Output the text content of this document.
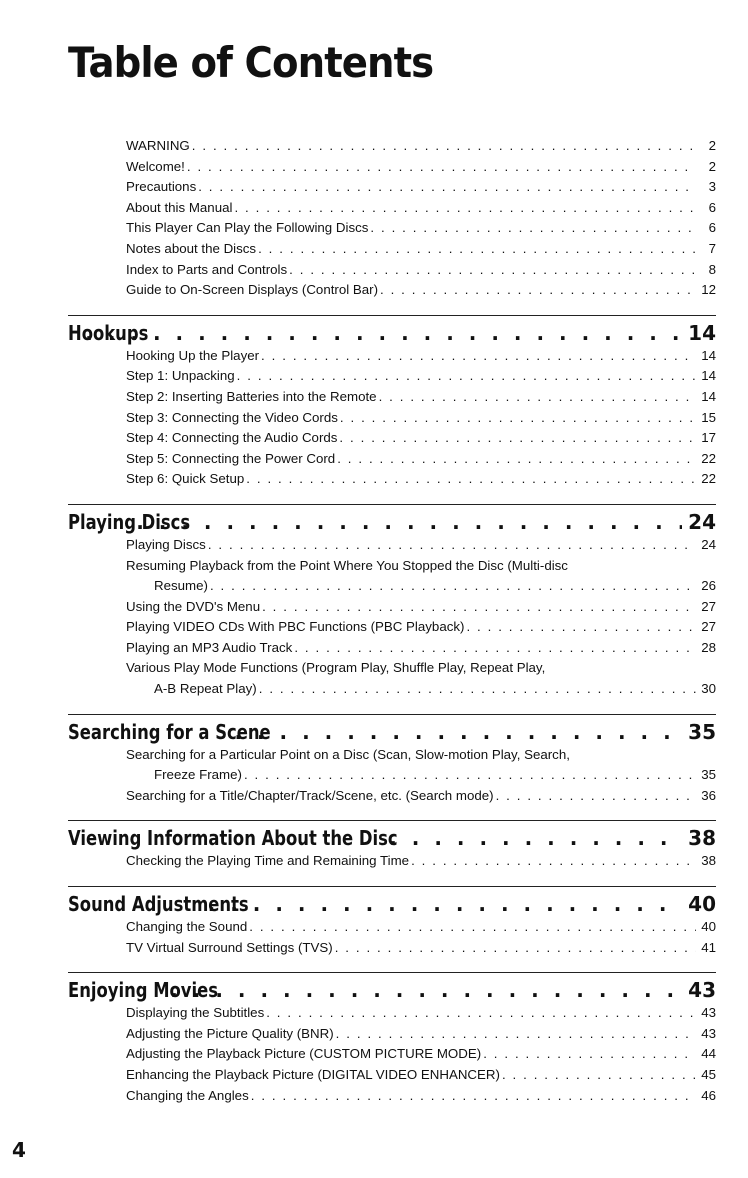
Table of Contents
WARNING . . .	2
Welcome! . . .	2
Precautions . . .	3
About this Manual . . .	6
This Player Can Play the Following Discs . . .	6
Notes about the Discs . . .	7
Index to Parts and Controls . . .	8
Guide to On-Screen Displays (Control Bar) . . .	12
Hookups . . .	14
Hooking Up the Player . . .	14
Step 1: Unpacking . . .	14
Step 2: Inserting Batteries into the Remote . . .	14
Step 3: Connecting the Video Cords . . .	15
Step 4: Connecting the Audio Cords . . .	17
Step 5: Connecting the Power Cord . . .	22
Step 6: Quick Setup . . .	22
Playing Discs . . .	24
Playing Discs . . .	24
Resuming Playback from the Point Where You Stopped the Disc (Multi-disc
Resume) . . .	26
Using the DVD's Menu . . .	27
Playing VIDEO CDs With PBC Functions (PBC Playback) . . .	27
Playing an MP3 Audio Track . . .	28
Various Play Mode Functions (Program Play, Shuffle Play, Repeat Play,
A-B Repeat Play) . . .	30
Searching for a Scene . . .	35
Searching for a Particular Point on a Disc (Scan, Slow-motion Play, Search,
Freeze Frame) . . .	35
Searching for a Title/Chapter/Track/Scene, etc. (Search mode) . . .	36
Viewing Information About the Disc . . .	38
Checking the Playing Time and Remaining Time . . .	38
Sound Adjustments . . .	40
Changing the Sound . . .	40
TV Virtual Surround Settings (TVS) . . .	41
Enjoying Movies . . .	43
Displaying the Subtitles . . .	43
Adjusting the Picture Quality (BNR) . . .	43
Adjusting the Playback Picture (CUSTOM PICTURE MODE) . . .	44
Enhancing the Playback Picture (DIGITAL VIDEO ENHANCER) . . .	45
Changing the Angles . . .	46
4
